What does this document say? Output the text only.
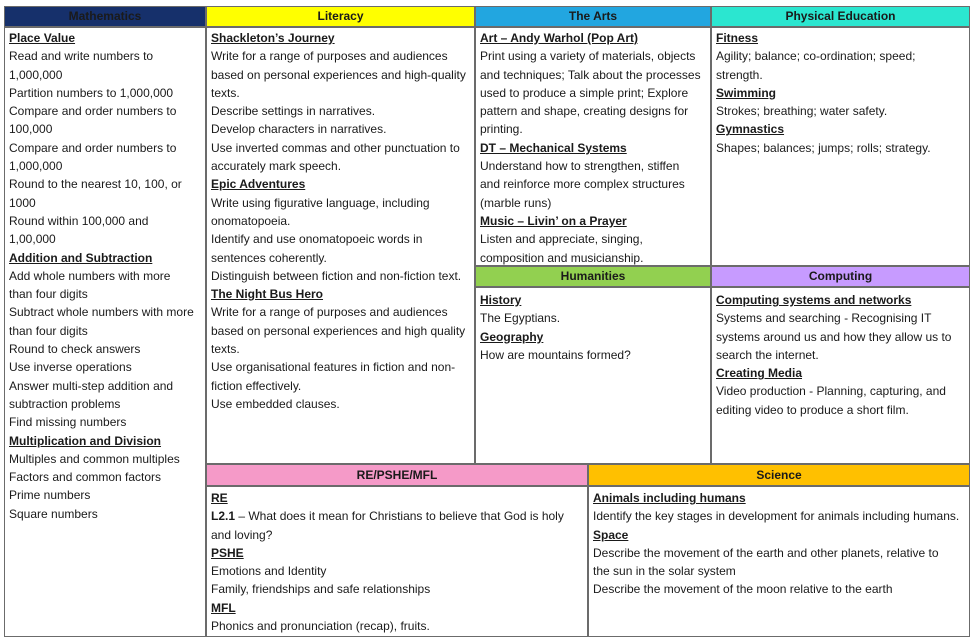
Mathematics
Place Value
Read and write numbers to
1,000,000
Partition numbers to 1,000,000
Compare and order numbers to
100,000
Compare and order numbers to
1,000,000
Round to the nearest 10, 100, or
1000
Round within 100,000 and
1,00,000
Addition and Subtraction
Add whole numbers with more
than four digits
Subtract whole numbers with more
than four digits
Round to check answers
Use inverse operations
Answer multi-step addition and
subtraction problems
Find missing numbers
Multiplication and Division
Multiples and common multiples
Factors and common factors
Prime numbers
Square numbers
Literacy
Shackleton’s Journey
Write for a range of purposes and audiences
based on personal experiences and high-quality
texts.
Describe settings in narratives.
Develop characters in narratives.
Use inverted commas and other punctuation to
accurately mark speech.
Epic Adventures
Write using figurative language, including
onomatopoeia.
Identify and use onomatopoeic words in
sentences coherently.
Distinguish between fiction and non-fiction text.
The Night Bus Hero
Write for a range of purposes and audiences
based on personal experiences and high quality
texts.
Use organisational features in fiction and non-
fiction effectively.
Use embedded clauses.
The Arts
Art – Andy Warhol (Pop Art)
Print using a variety of materials, objects
and techniques; Talk about the processes
used to produce a simple print; Explore
pattern and shape, creating designs for
printing.
DT – Mechanical Systems
Understand how to strengthen, stiffen
and reinforce more complex structures
(marble runs)
Music – Livin’ on a Prayer
Listen and appreciate, singing,
composition and musicianship.
Physical Education
Fitness
Agility; balance; co-ordination; speed;
strength.
Swimming
Strokes; breathing; water safety.
Gymnastics
Shapes; balances; jumps; rolls; strategy.
Humanities
History
The Egyptians.
Geography
How are mountains formed?
Computing
Computing systems and networks
Systems and searching - Recognising IT
systems around us and how they allow us to
search the internet.
Creating Media
Video production - Planning, capturing, and
editing video to produce a short film.
RE/PSHE/MFL
RE
L2.1 – What does it mean for Christians to believe that God is holy
and loving?
PSHE
Emotions and Identity
Family, friendships and safe relationships
MFL
Phonics and pronunciation (recap), fruits.
Science
Animals including humans
Identify the key stages in development for animals including humans.
Space
Describe the movement of the earth and other planets, relative to
the sun in the solar system
Describe the movement of the moon relative to the earth
